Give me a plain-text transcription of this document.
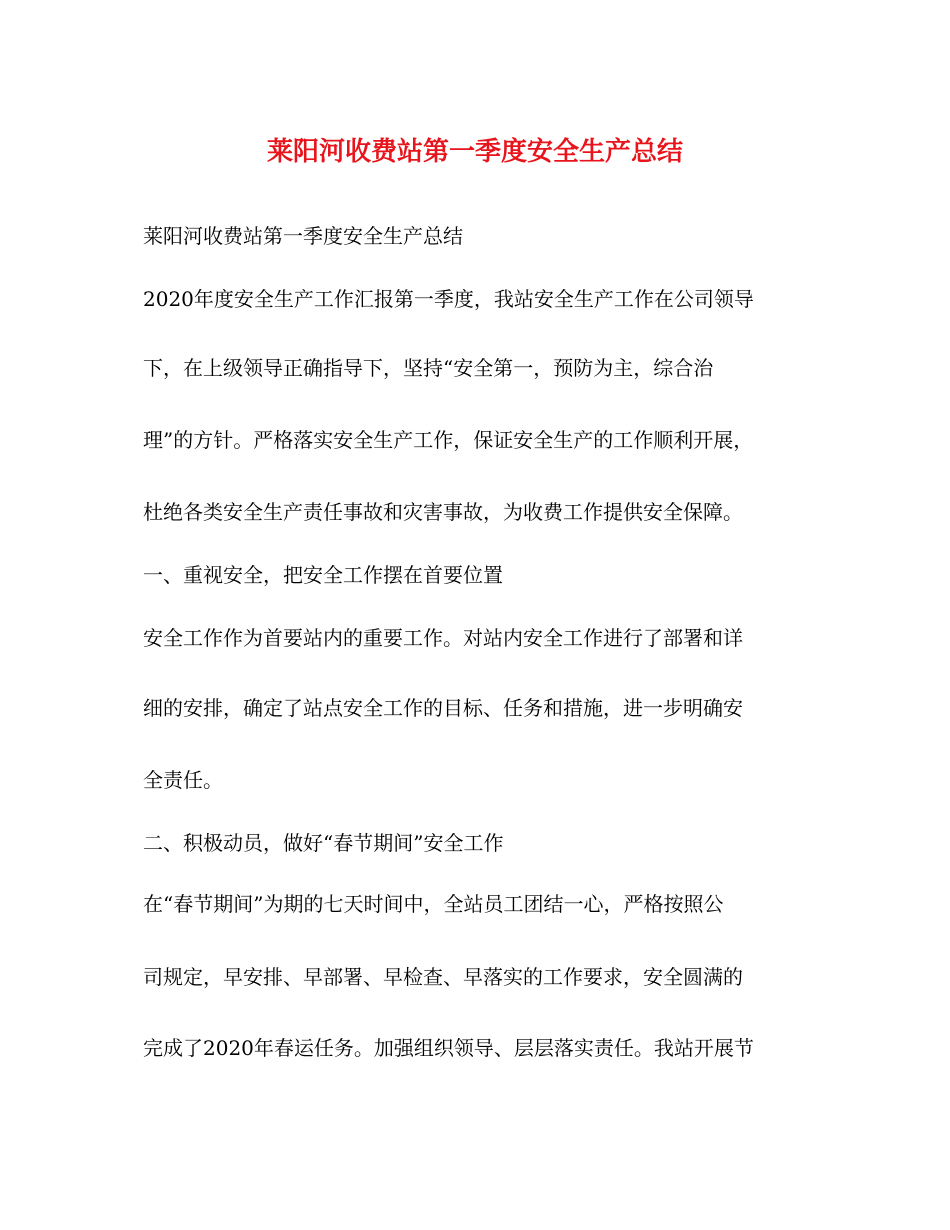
莱阳河收费站第一季度安全生产总结
莱阳河收费站第一季度安全生产总结
2020年度安全生产工作汇报第一季度，我站安全生产工作在公司领导
下，在上级领导正确指导下，坚持“安全第一，预防为主，综合治
理”的方针。严格落实安全生产工作，保证安全生产的工作顺利开展，
杜绝各类安全生产责任事故和灾害事故，为收费工作提供安全保障。
一、重视安全，把安全工作摆在首要位置
安全工作作为首要站内的重要工作。对站内安全工作进行了部署和详
细的安排，确定了站点安全工作的目标、任务和措施，进一步明确安
全责任。
二、积极动员，做好“春节期间”安全工作
在“春节期间”为期的七天时间中，全站员工团结一心，严格按照公
司规定，早安排、早部署、早检查、早落实的工作要求，安全圆满的
完成了2020年春运任务。加强组织领导、层层落实责任。我站开展节
